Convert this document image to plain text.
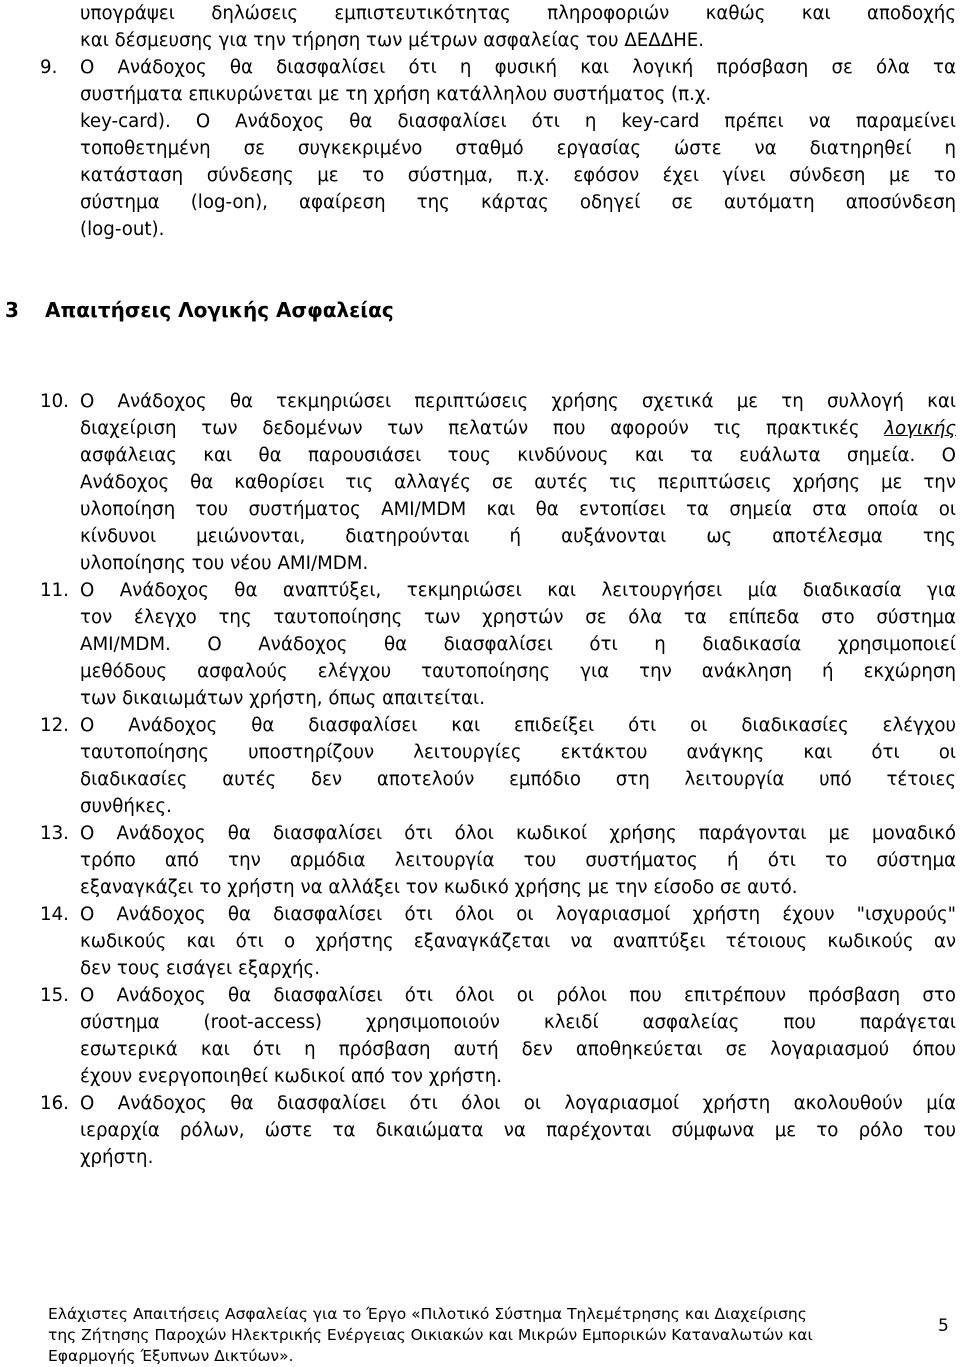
υπογράψει δηλώσεις εμπιστευτικότητας πληροφοριών καθώς και αποδοχής
και δέσμευσης για την τήρηση των μέτρων ασφαλείας του ΔΕΔΔΗΕ.
9. Ο Ανάδοχος θα διασφαλίσει ότι η φυσική και λογική πρόσβαση σε όλα τα
συστήματα επικυρώνεται με τη χρήση κατάλληλου συστήματος (π.χ.
key-card). Ο Ανάδοχος θα διασφαλίσει ότι η key-card πρέπει να παραμείνει
τοποθετημένη σε συγκεκριμένο σταθμό εργασίας ώστε να διατηρηθεί η
κατάσταση σύνδεσης με το σύστημα, π.χ. εφόσον έχει γίνει σύνδεση με το
σύστημα (log-on), αφαίρεση της κάρτας οδηγεί σε αυτόματη αποσύνδεση
(log-out).
3 Απαιτήσεις Λογικής Ασφαλείας
10. Ο Ανάδοχος θα τεκμηριώσει περιπτώσεις χρήσης σχετικά με τη συλλογή και
διαχείριση των δεδομένων των πελατών που αφορούν τις πρακτικές λογικής
ασφάλειας και θα παρουσιάσει τους κινδύνους και τα ευάλωτα σημεία. Ο
Ανάδοχος θα καθορίσει τις αλλαγές σε αυτές τις περιπτώσεις χρήσης με την
υλοποίηση του συστήματος AMI/MDM και θα εντοπίσει τα σημεία στα οποία οι
κίνδυνοι μειώνονται, διατηρούνται ή αυξάνονται ως αποτέλεσμα της
υλοποίησης του νέου AMI/MDM.
11. Ο Ανάδοχος θα αναπτύξει, τεκμηριώσει και λειτουργήσει μία διαδικασία για
τον έλεγχο της ταυτοποίησης των χρηστών σε όλα τα επίπεδα στο σύστημα
AMI/MDM. Ο Ανάδοχος θα διασφαλίσει ότι η διαδικασία χρησιμοποιεί
μεθόδους ασφαλούς ελέγχου ταυτοποίησης για την ανάκληση ή εκχώρηση
των δικαιωμάτων χρήστη, όπως απαιτείται.
12. Ο Ανάδοχος θα διασφαλίσει και επιδείξει ότι οι διαδικασίες ελέγχου
ταυτοποίησης υποστηρίζουν λειτουργίες εκτάκτου ανάγκης και ότι οι
διαδικασίες αυτές δεν αποτελούν εμπόδιο στη λειτουργία υπό τέτοιες
συνθήκες.
13. Ο Ανάδοχος θα διασφαλίσει ότι όλοι κωδικοί χρήσης παράγονται με μοναδικό
τρόπο από την αρμόδια λειτουργία του συστήματος ή ότι το σύστημα
εξαναγκάζει το χρήστη να αλλάξει τον κωδικό χρήσης με την είσοδο σε αυτό.
14. Ο Ανάδοχος θα διασφαλίσει ότι όλοι οι λογαριασμοί χρήστη έχουν "ισχυρούς"
κωδικούς και ότι ο χρήστης εξαναγκάζεται να αναπτύξει τέτοιους κωδικούς αν
δεν τους εισάγει εξαρχής.
15. Ο Ανάδοχος θα διασφαλίσει ότι όλοι οι ρόλοι που επιτρέπουν πρόσβαση στο
σύστημα (root-access) χρησιμοποιούν κλειδί ασφαλείας που παράγεται
εσωτερικά και ότι η πρόσβαση αυτή δεν αποθηκεύεται σε λογαριασμού όπου
έχουν ενεργοποιηθεί κωδικοί από τον χρήστη.
16. Ο Ανάδοχος θα διασφαλίσει ότι όλοι οι λογαριασμοί χρήστη ακολουθούν μία
ιεραρχία ρόλων, ώστε τα δικαιώματα να παρέχονται σύμφωνα με το ρόλο του
χρήστη.
Ελάχιστες Απαιτήσεις Ασφαλείας για το Έργο «Πιλοτικό Σύστημα Τηλεμέτρησης και Διαχείρισης
της Ζήτησης Παροχών Ηλεκτρικής Ενέργειας Οικιακών και Μικρών Εμπορικών Καταναλωτών και
Εφαρμογής Έξυπνων Δικτύων».
5
